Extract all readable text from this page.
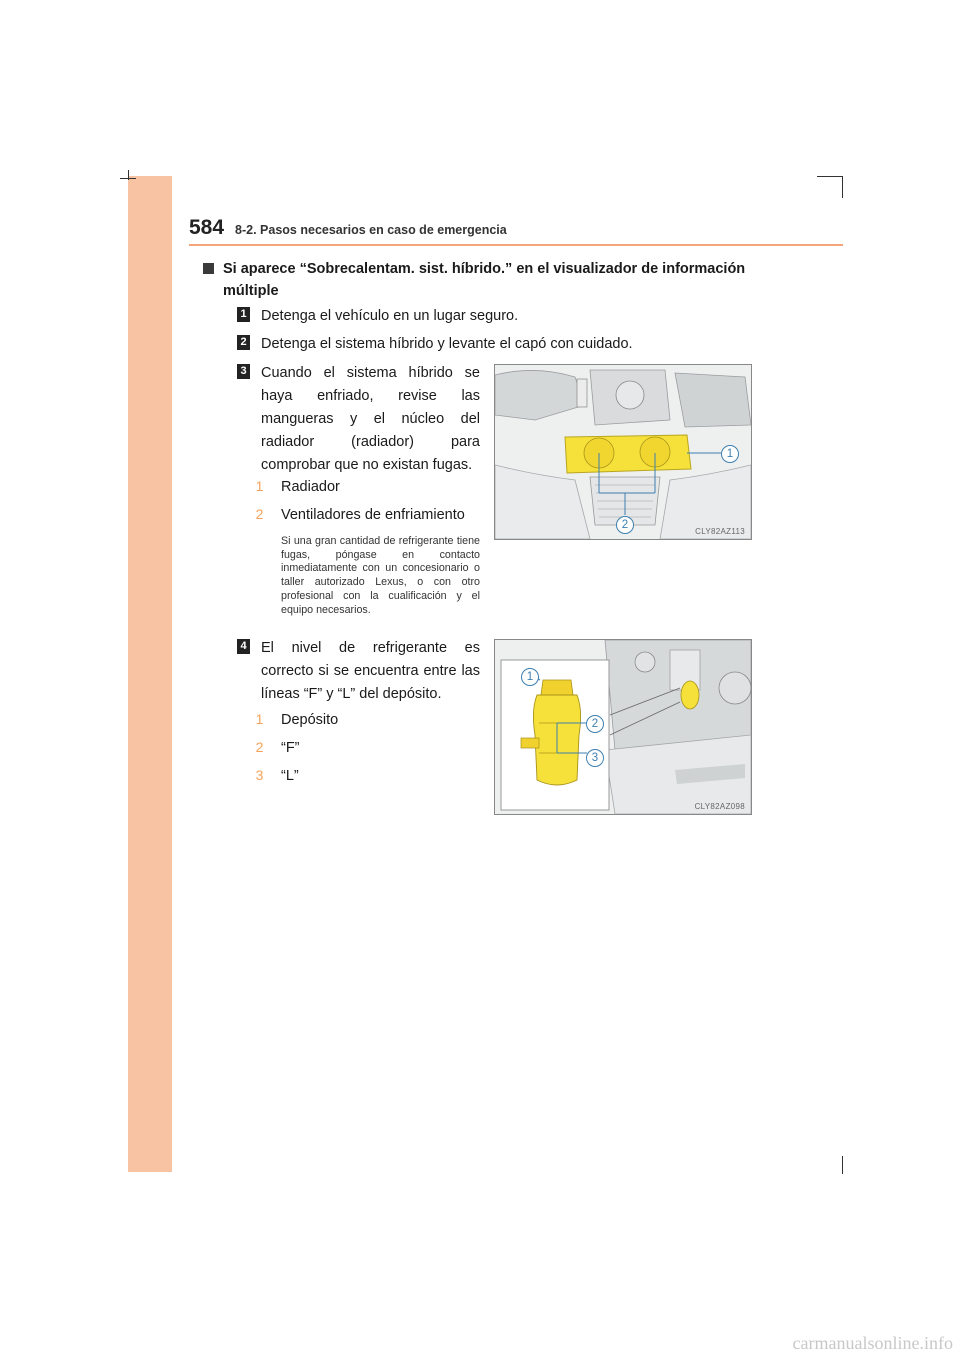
584 8-2. Pasos necesarios en caso de emergencia
Si aparece “Sobrecalentam. sist. híbrido.” en el visualizador de información
múltiple
1 Detenga el vehículo en un lugar seguro.
2 Detenga el sistema híbrido y levante el capó con cuidado.
3 Cuando el sistema híbrido se haya enfriado, revise las mangueras y el núcleo del radiador (radiador) para comprobar que no existan fugas.
1 Radiador
2 Ventiladores de enfriamiento
Si una gran cantidad de refrigerante tiene fugas, póngase en contacto inmediatamente con un concesionario o taller autorizado Lexus, o con otro profesional con la cualificación y el equipo necesarios.
1
2
CLY82AZ113
4 El nivel de refrigerante es correcto si se encuentra entre las líneas “F” y “L” del depósito.
1 Depósito
2 “F”
3 “L”
1
2
3
CLY82AZ098
carmanualsonline.info
